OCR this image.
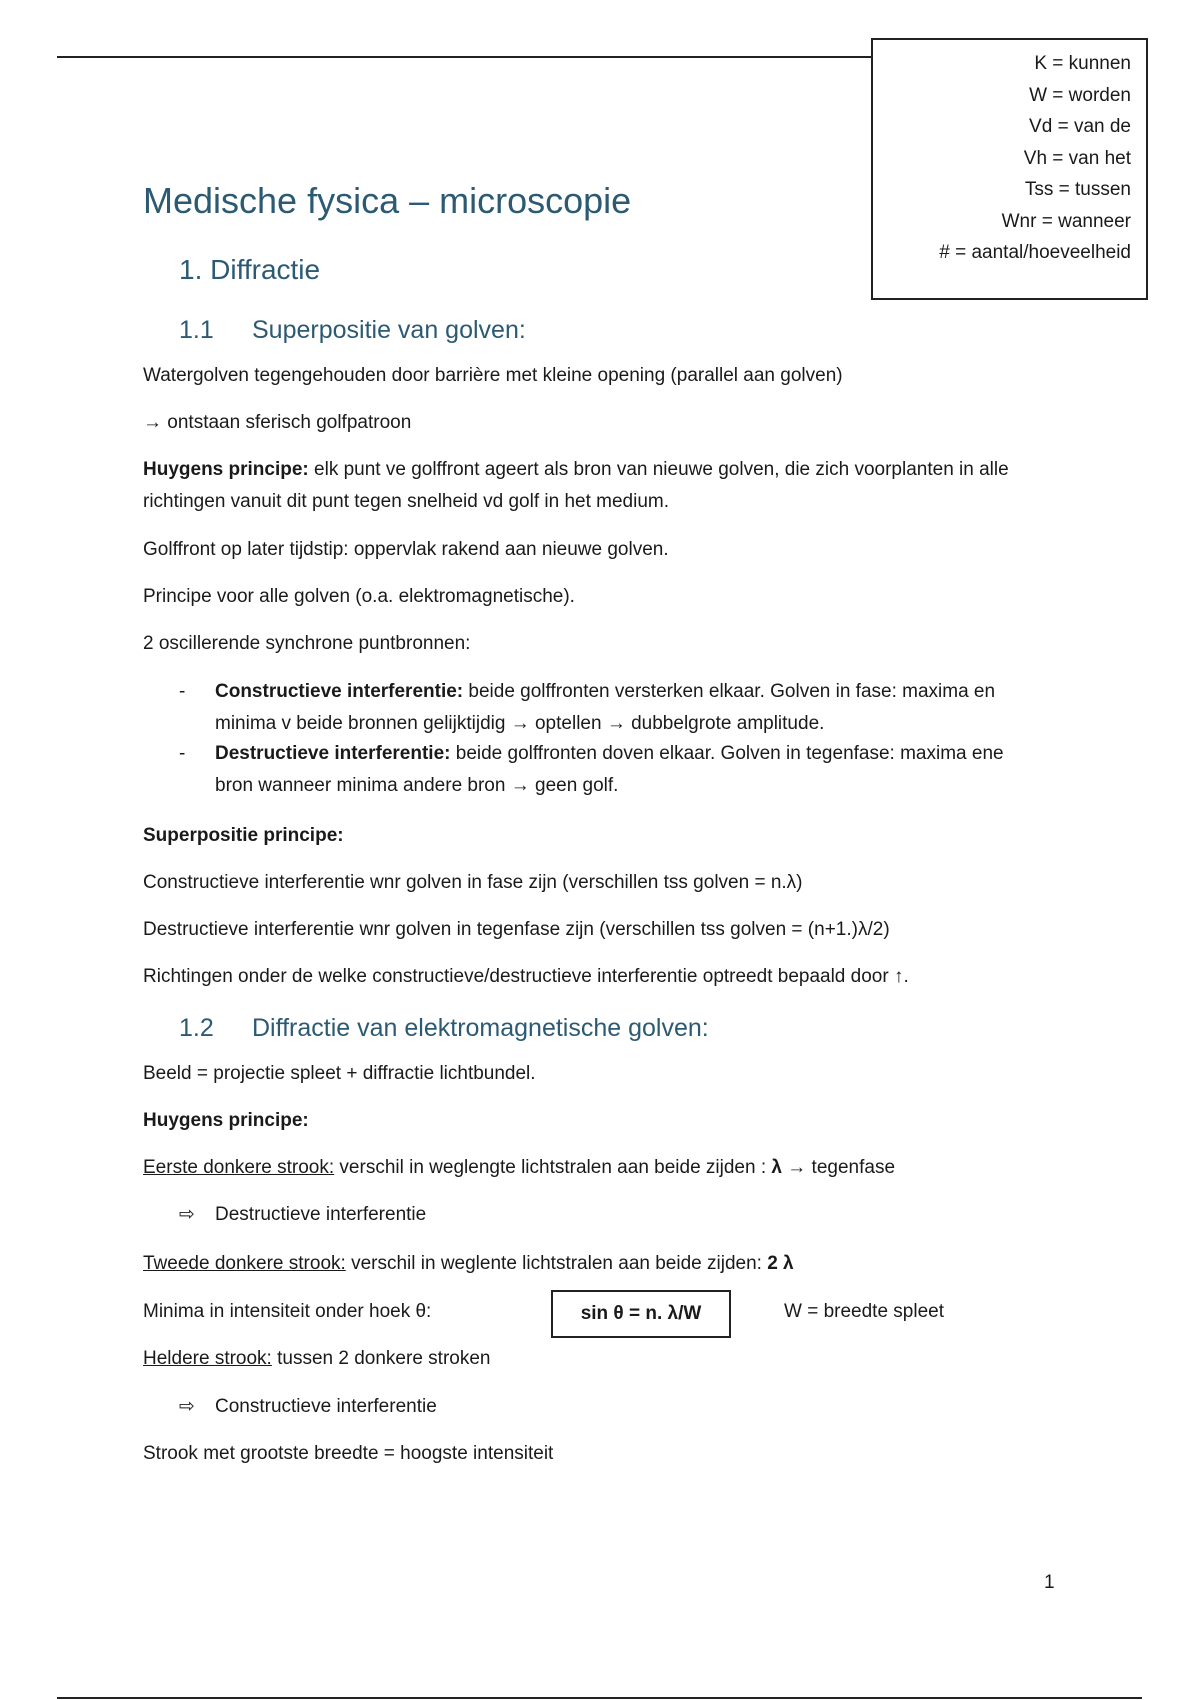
K = kunnen
W = worden
Vd = van de
Vh = van het
Tss = tussen
Wnr = wanneer
# = aantal/hoeveelheid
Medische fysica – microscopie
1. Diffractie
1.1 Superpositie van golven:

Watergolven tegengehouden door barrière met kleine opening (parallel aan golven)

→ ontstaan sferisch golfpatroon

Huygens principe: elk punt ve golffront ageert als bron van nieuwe golven, die zich voorplanten in alle richtingen vanuit dit punt tegen snelheid vd golf in het medium.

Golffront op later tijdstip: oppervlak rakend aan nieuwe golven.

Principe voor alle golven (o.a. elektromagnetische).

2 oscillerende synchrone puntbronnen:

- Constructieve interferentie: beide golffronten versterken elkaar. Golven in fase: maxima en minima v beide bronnen gelijktijdig → optellen → dubbelgrote amplitude.
- Destructieve interferentie: beide golffronten doven elkaar. Golven in tegenfase: maxima ene bron wanneer minima andere bron → geen golf.

Superpositie principe:

Constructieve interferentie wnr golven in fase zijn (verschillen tss golven = n.λ)

Destructieve interferentie wnr golven in tegenfase zijn (verschillen tss golven = (n+1.)λ/2)

Richtingen onder de welke constructieve/destructieve interferentie optreedt bepaald door ↑.

1.2 Diffractie van elektromagnetische golven:

Beeld = projectie spleet + diffractie lichtbundel.

Huygens principe:

Eerste donkere strook: verschil in weglengte lichtstralen aan beide zijden : λ → tegenfase

⇨ Destructieve interferentie

Tweede donkere strook: verschil in weglente lichtstralen aan beide zijden: 2 λ

Minima in intensiteit onder hoek θ:	sin θ = n. λ/W	W = breedte spleet

Heldere strook: tussen 2 donkere stroken

⇨ Constructieve interferentie

Strook met grootste breedte = hoogste intensiteit

1
